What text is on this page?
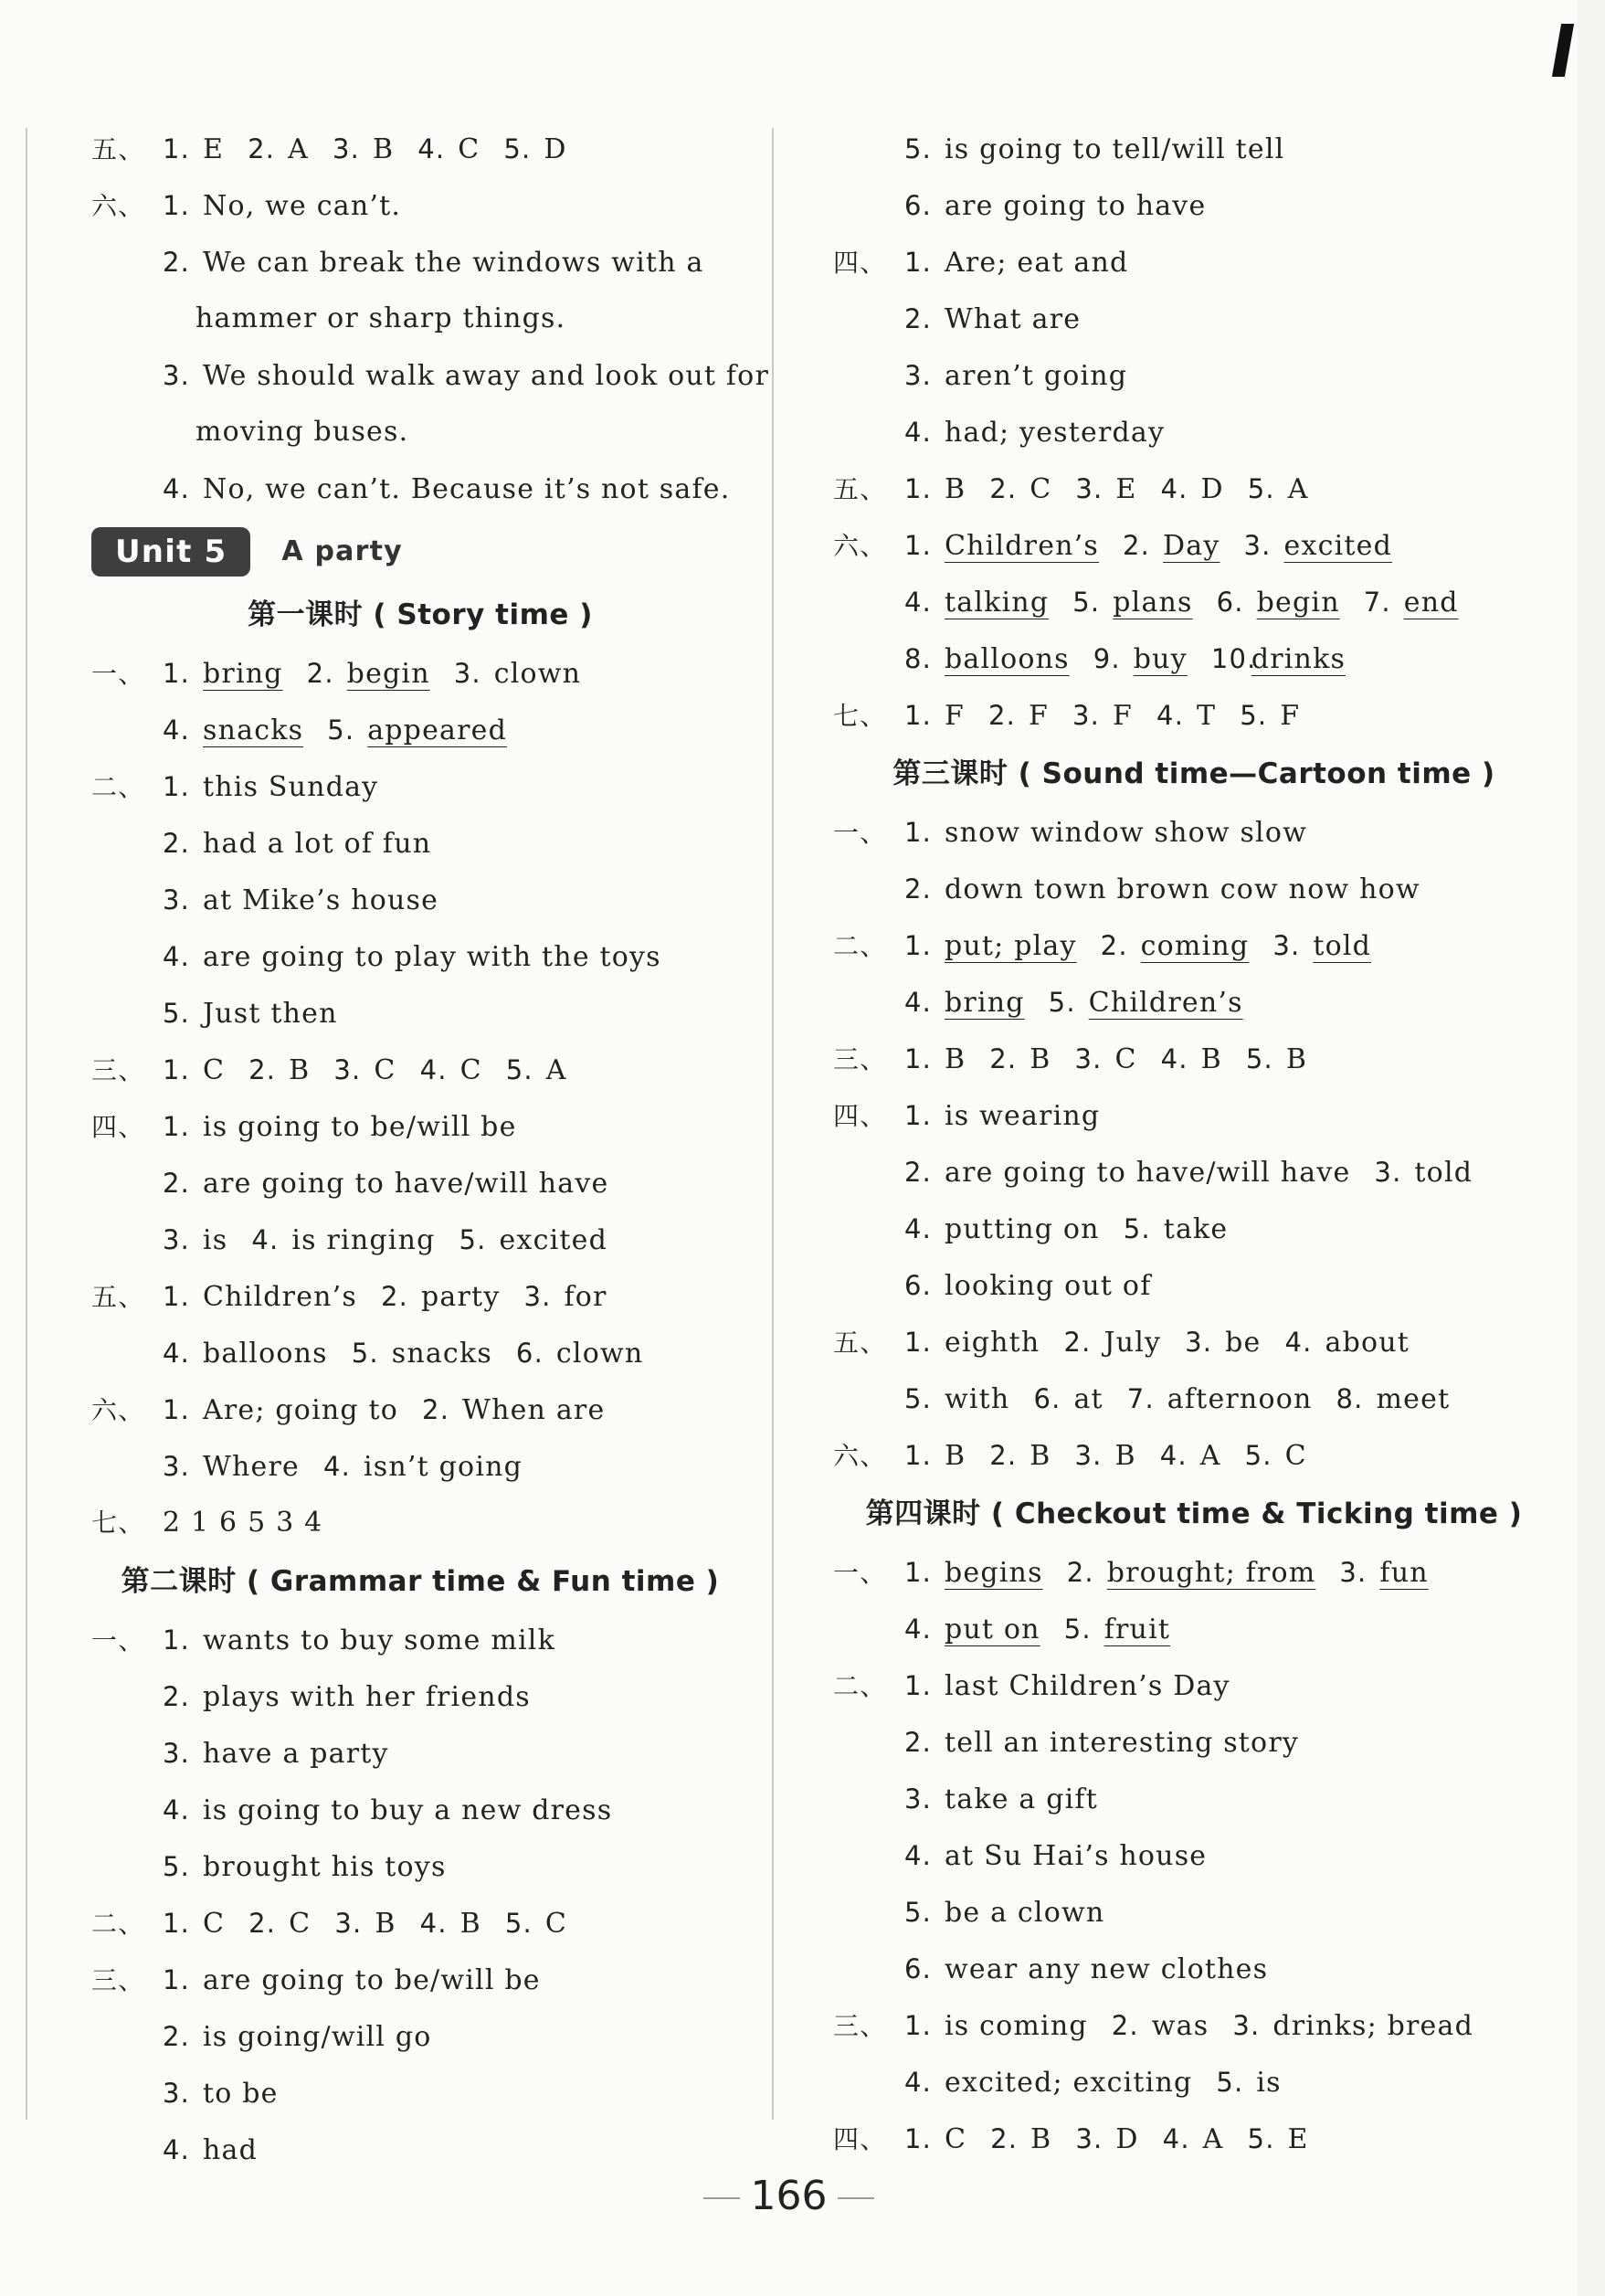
五、 1. E 2. A 3. B 4. C 5. D
六、 1. No, we can’t.
2. We can break the windows with a
hammer or sharp things.
3. We should walk away and look out for
moving buses.
4. No, we can’t. Because it’s not safe.
Unit 5 A party
第一课时 ( Story time )
一、 1. bring 2. begin 3. clown
4. snacks 5. appeared
二、 1. this Sunday
2. had a lot of fun
3. at Mike’s house
4. are going to play with the toys
5. Just then
三、 1. C 2. B 3. C 4. C 5. A
四、 1. is going to be/will be
2. are going to have/will have
3. is 4. is ringing 5. excited
五、 1. Children’s 2. party 3. for
4. balloons 5. snacks 6. clown
六、 1. Are; going to 2. When are
3. Where 4. isn’t going
七、 2 1 6 5 3 4
第二课时 ( Grammar time & Fun time )
一、 1. wants to buy some milk
2. plays with her friends
3. have a party
4. is going to buy a new dress
5. brought his toys
二、 1. C 2. C 3. B 4. B 5. C
三、 1. are going to be/will be
2. is going/will go
3. to be
4. had
5. is going to tell/will tell
6. are going to have
四、 1. Are; eat and
2. What are
3. aren’t going
4. had; yesterday
五、 1. B 2. C 3. E 4. D 5. A
六、 1. Children’s 2. Day 3. excited
4. talking 5. plans 6. begin 7. end
8. balloons 9. buy 10.drinks
七、 1. F 2. F 3. F 4. T 5. F
第三课时 ( Sound time—Cartoon time )
一、 1. snow window show slow
2. down town brown cow now how
二、 1. put; play 2. coming 3. told
4. bring 5. Children’s
三、 1. B 2. B 3. C 4. B 5. B
四、 1. is wearing
2. are going to have/will have 3. told
4. putting on 5. take
6. looking out of
五、 1. eighth 2. July 3. be 4. about
5. with 6. at 7. afternoon 8. meet
六、 1. B 2. B 3. B 4. A 5. C
第四课时 ( Checkout time & Ticking time )
一、 1. begins 2. brought; from 3. fun
4. put on 5. fruit
二、 1. last Children’s Day
2. tell an interesting story
3. take a gift
4. at Su Hai’s house
5. be a clown
6. wear any new clothes
三、 1. is coming 2. was 3. drinks; bread
4. excited; exciting 5. is
四、 1. C 2. B 3. D 4. A 5. E
166
